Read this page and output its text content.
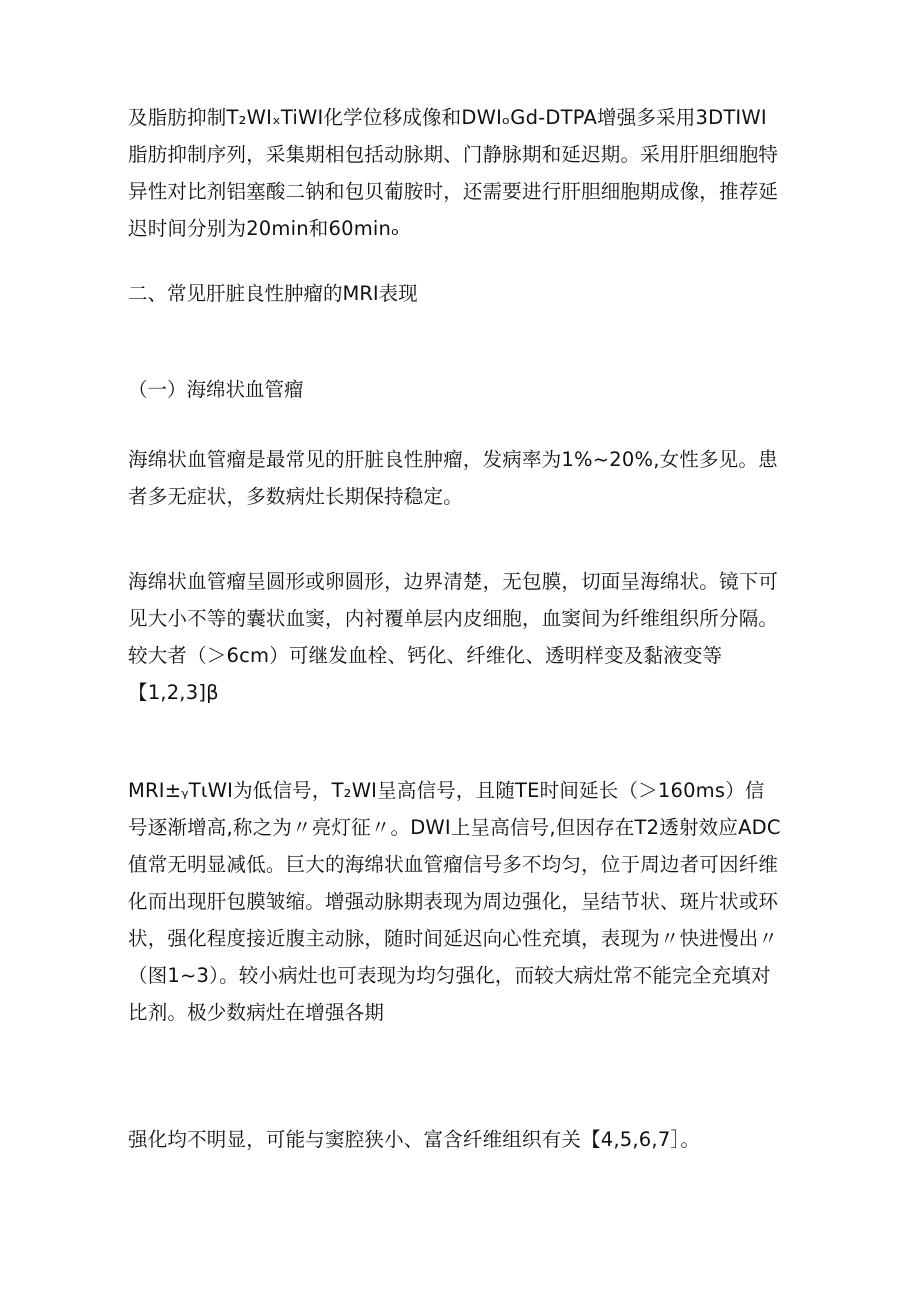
及脂肪抑制T₂WIₓTiWI化学位移成像和DWIₒGd-DTPA增强多采用3DTIWI
脂肪抑制序列，采集期相包括动脉期、门静脉期和延迟期。采用肝胆细胞特
异性对比剂铝塞酸二钠和包贝葡胺时，还需要进行肝胆细胞期成像，推荐延
迟时间分别为20min和60minₒ
二、常见肝脏良性肿瘤的MRI表现
（一）海绵状血管瘤
海绵状血管瘤是最常见的肝脏良性肿瘤，发病率为1%~20%,女性多见。患
者多无症状，多数病灶长期保持稳定。
海绵状血管瘤呈圆形或卵圆形，边界清楚，无包膜，切面呈海绵状。镜下可
见大小不等的囊状血窦，内衬覆单层内皮细胞，血窦间为纤维组织所分隔。
较大者（＞6cm）可继发血栓、钙化、纤维化、透明样变及黏液变等
【1,2,3]β
MRI±ᵧTιWI为低信号，T₂WI呈高信号，且随TE时间延长（＞160ms）信
号逐渐增高,称之为〃亮灯征〃。DWI上呈高信号,但因存在T2透射效应ADC
值常无明显减低。巨大的海绵状血管瘤信号多不均匀，位于周边者可因纤维
化而出现肝包膜皱缩。增强动脉期表现为周边强化，呈结节状、斑片状或环
状，强化程度接近腹主动脉，随时间延迟向心性充填，表现为〃快进慢出〃
（图1~3）。较小病灶也可表现为均匀强化，而较大病灶常不能完全充填对
比剂。极少数病灶在增强各期
强化均不明显，可能与窦腔狭小、富含纤维组织有关【4,5,6,7］。
